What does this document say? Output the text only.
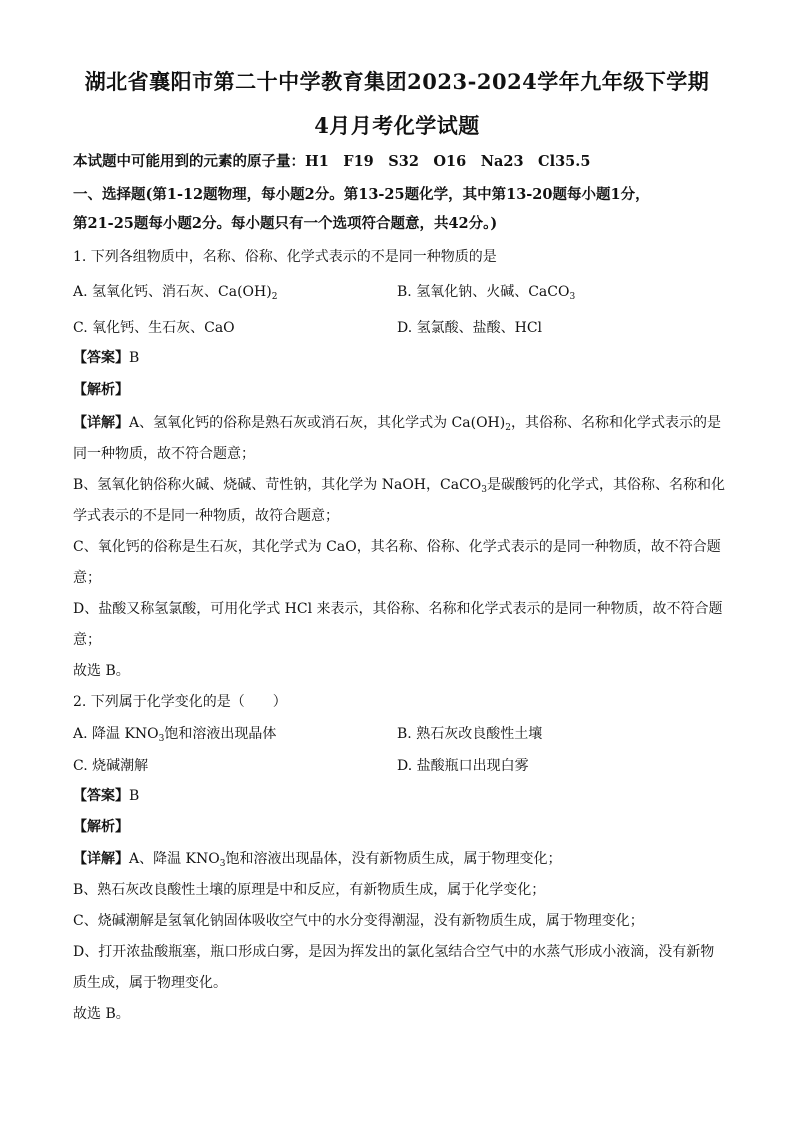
湖北省襄阳市第二十中学教育集团2023-2024学年九年级下学期
4月月考化学试题
本试题中可能用到的元素的原子量：H1　F19　S32　O16　Na23　Cl35.5
一、选择题(第1-12题物理，每小题2分。第13-25题化学，其中第13-20题每小题1分，
第21-25题每小题2分。每小题只有一个选项符合题意，共42分。)
1. 下列各组物质中，名称、俗称、化学式表示的不是同一种物质的是
A. 氢氧化钙、消石灰、$Ca(OH)_2$	B. 氢氧化钠、火碱、CaCO$_3$
C. 氧化钙、生石灰、CaO	D. 氢氯酸、盐酸、HCl
【答案】B
【解析】
【详解】A、氢氧化钙的俗称是熟石灰或消石灰，其化学式为 $Ca(OH)_2$，其俗称、名称和化学式表示的是
同一种物质，故不符合题意；
B、氢氧化钠俗称火碱、烧碱、苛性钠，其化学为 NaOH，CaCO$_3$是碳酸钙的化学式，其俗称、名称和化
学式表示的不是同一种物质，故符合题意；
C、氧化钙的俗称是生石灰，其化学式为 CaO，其名称、俗称、化学式表示的是同一种物质，故不符合题
意；
D、盐酸又称氢氯酸，可用化学式 HCl 来表示，其俗称、名称和化学式表示的是同一种物质，故不符合题
意；
故选 B。
2. 下列属于化学变化的是（　　）
A. 降温 $KNO_3$饱和溶液出现晶体	B. 熟石灰改良酸性土壤
C. 烧碱潮解	D. 盐酸瓶口出现白雾
【答案】B
【解析】
【详解】A、降温 $KNO_3$饱和溶液出现晶体，没有新物质生成，属于物理变化；
B、熟石灰改良酸性土壤的原理是中和反应，有新物质生成，属于化学变化；
C、烧碱潮解是氢氧化钠固体吸收空气中的水分变得潮湿，没有新物质生成，属于物理变化；
D、打开浓盐酸瓶塞，瓶口形成白雾，是因为挥发出的氯化氢结合空气中的水蒸气形成小液滴，没有新物
质生成，属于物理变化。
故选 B。
